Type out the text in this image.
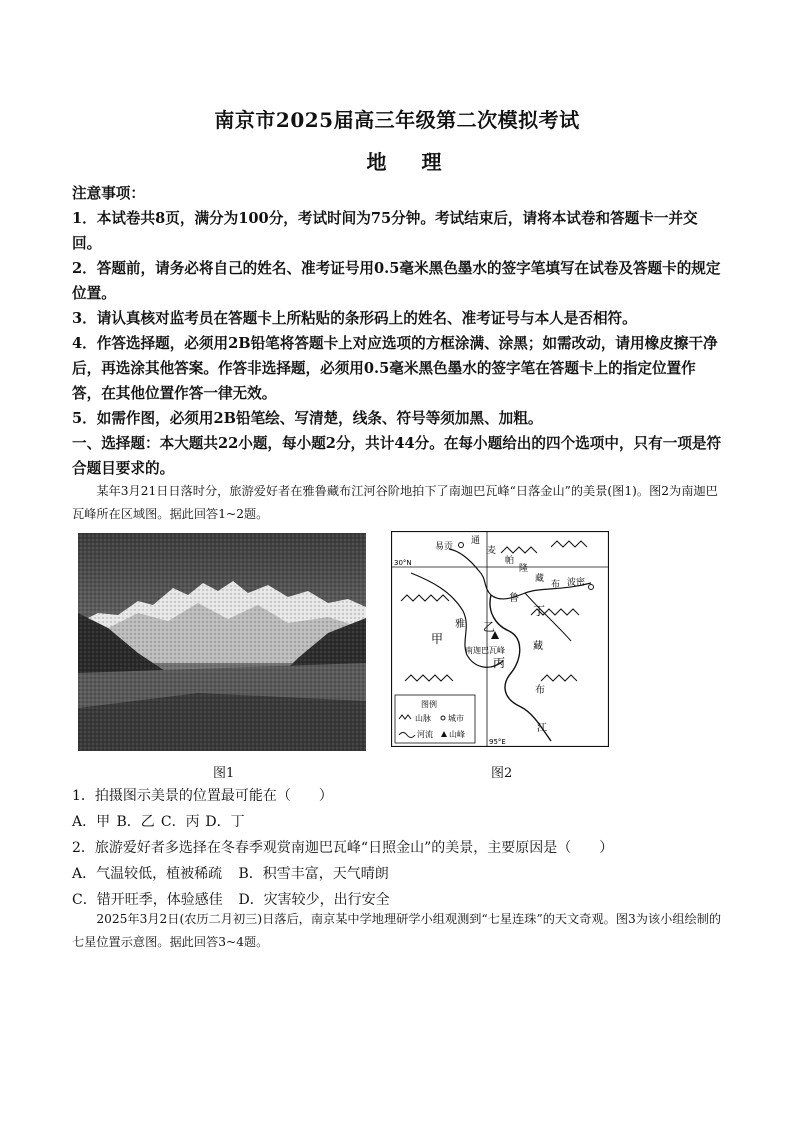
南京市2025届高三年级第二次模拟考试
地 理

注意事项：

1．本试卷共8页，满分为100分，考试时间为75分钟。考试结束后，请将本试卷和答题卡一并交回。

2．答题前，请务必将自己的姓名、准考证号用0.5毫米黑色墨水的签字笔填写在试卷及答题卡的规定位置。

3．请认真核对监考员在答题卡上所粘贴的条形码上的姓名、准考证号与本人是否相符。

4．作答选择题，必须用2B铅笔将答题卡上对应选项的方框涂满、涂黑；如需改动，请用橡皮擦干净后，再选涂其他答案。作答非选择题，必须用0.5毫米黑色墨水的签字笔在答题卡上的指定位置作答，在其他位置作答一律无效。

5．如需作图，必须用2B铅笔绘、写清楚，线条、符号等须加黑、加粗。

一、选择题：本大题共22小题，每小题2分，共计44分。在每小题给出的四个选项中，只有一项是符合题目要求的。

某年3月21日日落时分，旅游爱好者在雅鲁藏布江河谷阶地拍下了南迦巴瓦峰“日落金山”的美景(图1)。图2为南迦巴瓦峰所在区域图。据此回答1~2题。
易贡
波密
通
麦
帕
隆
藏
布
雅
鲁
藏
布
江
甲
乙
丙
丁
南迦巴瓦峰
30°N
95°E
图例
山脉 城市
河流 山峰
图1	图2

1．拍摄图示美景的位置最可能在（　　）

A．甲 B．乙 C．丙 D．丁

2．旅游爱好者多选择在冬春季观赏南迦巴瓦峰“日照金山”的美景，主要原因是（　　）

A．气温较低，植被稀疏 B．积雪丰富，天气晴朗

C．错开旺季，体验感佳 D．灾害较少，出行安全

2025年3月2日(农历二月初三)日落后，南京某中学地理研学小组观测到“七星连珠”的天文奇观。图3为该小组绘制的七星位置示意图。据此回答3~4题。
